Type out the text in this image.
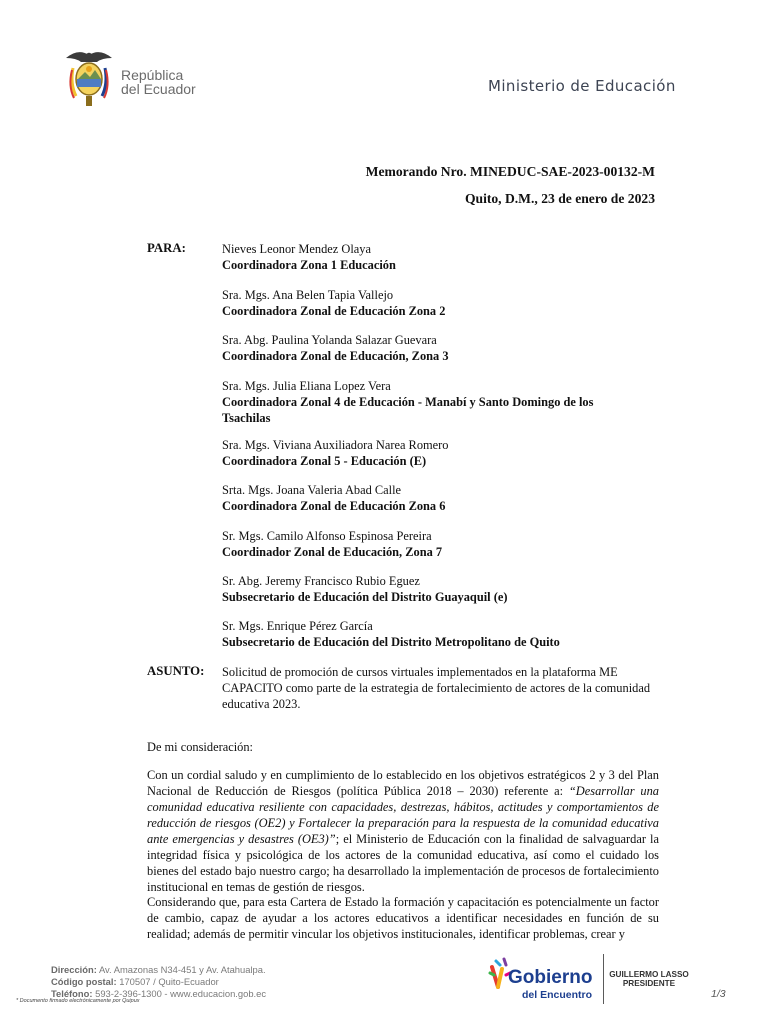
República
del Ecuador	Ministerio de Educación
Memorando Nro. MINEDUC-SAE-2023-00132-M
Quito, D.M., 23 de enero de 2023
PARA:	Nieves Leonor Mendez Olaya
Coordinadora Zona 1 Educación
Sra. Mgs. Ana Belen Tapia Vallejo
Coordinadora Zonal de Educación Zona 2
Sra. Abg. Paulina Yolanda Salazar Guevara
Coordinadora Zonal de Educación, Zona 3
Sra. Mgs. Julia Eliana Lopez Vera
Coordinadora Zonal 4 de Educación - Manabí y Santo Domingo de los Tsachilas
Sra. Mgs. Viviana Auxiliadora Narea Romero
Coordinadora Zonal 5 - Educación (E)
Srta. Mgs. Joana Valeria Abad Calle
Coordinadora Zonal de Educación Zona 6
Sr. Mgs. Camilo Alfonso Espinosa Pereira
Coordinador Zonal de Educación, Zona 7
Sr. Abg. Jeremy Francisco Rubio Eguez
Subsecretario de Educación del Distrito Guayaquil (e)
Sr. Mgs. Enrique Pérez García
Subsecretario de Educación del Distrito Metropolitano de Quito
ASUNTO: Solicitud de promoción de cursos virtuales implementados en la plataforma ME CAPACITO como parte de la estrategia de fortalecimiento de actores de la comunidad educativa 2023.
De mi consideración:
Con un cordial saludo y en cumplimiento de lo establecido en los objetivos estratégicos 2 y 3 del Plan Nacional de Reducción de Riesgos (política Pública 2018 – 2030) referente a: “Desarrollar una comunidad educativa resiliente con capacidades, destrezas, hábitos, actitudes y comportamientos de reducción de riesgos (OE2) y Fortalecer la preparación para la respuesta de la comunidad educativa ante emergencias y desastres (OE3)”; el Ministerio de Educación con la finalidad de salvaguardar la integridad física y psicológica de los actores de la comunidad educativa, así como el cuidado los bienes del estado bajo nuestro cargo; ha desarrollado la implementación de procesos de fortalecimiento institucional en temas de gestión de riesgos.
Considerando que, para esta Cartera de Estado la formación y capacitación es potencialmente un factor de cambio, capaz de ayudar a los actores educativos a identificar necesidades en función de su realidad; además de permitir vincular los objetivos institucionales, identificar problemas, crear y
Dirección: Av. Amazonas N34-451 y Av. Atahualpa.
Código postal: 170507 / Quito-Ecuador
Teléfono: 593-2-396-1300 - www.educacion.gob.ec
* Documento firmado electrónicamente por Quipux
Gobierno
del Encuentro
GUILLERMO LASSO
PRESIDENTE
1/3
